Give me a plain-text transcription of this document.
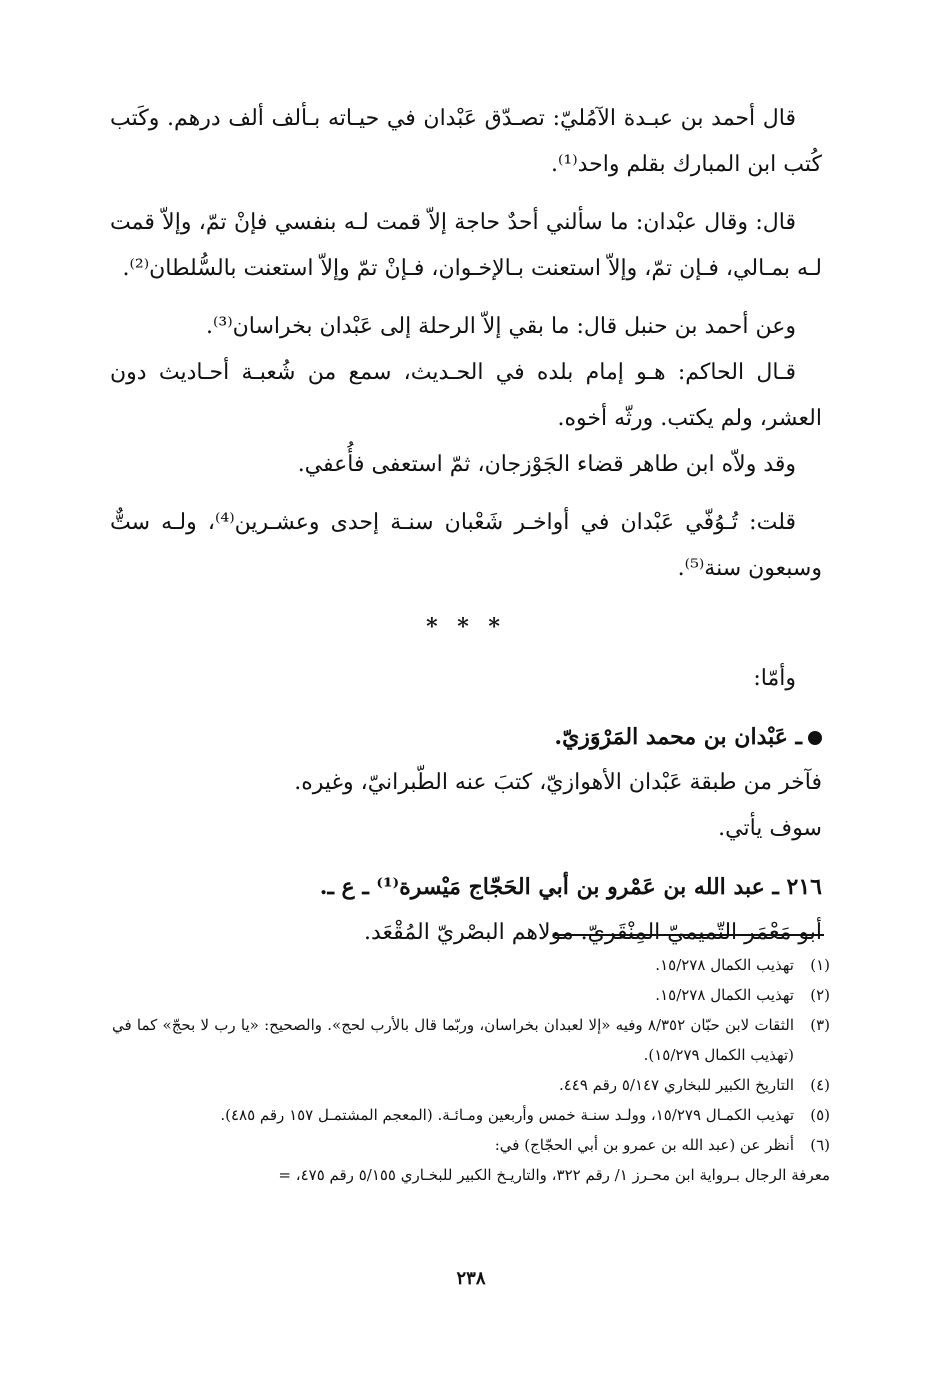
قال أحمد بن عبـدة الآمُليّ: تصـدّق عَبْدان في حيـاته بـألف ألف درهم. وكَتب كُتب ابن المبارك بقلم واحد⁽¹⁾.

قال: وقال عبْدان: ما سألني أحدٌ حاجة إلاّ قمت لـه بنفسي فإنْ تمّ، وإلاّ قمت لـه بمـالي، فـإن تمّ، وإلاّ استعنت بـالإخـوان، فـإنْ تمّ وإلاّ استعنت بالسُّلطان⁽²⁾.

وعن أحمد بن حنبل قال: ما بقي إلاّ الرحلة إلى عَبْدان بخراسان⁽³⁾.

قـال الحاكم: هـو إمام بلده في الحـديث، سمع من شُعبـة أحـاديث دون العشر، ولم يكتب. ورثّه أخوه.

وقد ولاّه ابن طاهر قضاء الجَوْزجان، ثمّ استعفى فأُعفي.

قلت: تُـوُفّي عَبْدان في أواخـر شَعْبان سنـة إحدى وعشـرين⁽⁴⁾، ولـه ستٌّ وسبعون سنة⁽⁵⁾.

* * *

وأمّا:

ـ عَبْدان بن محمد المَرْوَزيّ.

فآخر من طبقة عَبْدان الأهوازيّ، كتبَ عنه الطّبرانيّ، وغيره.

سوف يأتي.

٢١٦ ـ عبد الله بن عَمْرو بن أبي الحَجّاج مَيْسرة⁽¹⁾ ـ ع ـ.

أبو مَعْمَر التّميميّ المِنْقَريّ. مولاهم البصْريّ المُقْعَد.

(١)
تهذيب الكمال ١٥/٢٧٨.
(٢)
تهذيب الكمال ١٥/٢٧٨.
(٣)
الثقات لابن حبّان ٨/٣٥٢ وفيه «إلا لعبدان بخراسان، وربّما قال بالأرب لحج». والصحيح: «يا رب لا بحجّ» كما في (تهذيب الكمال ١٥/٢٧٩).
(٤)
التاريخ الكبير للبخاري ٥/١٤٧ رقم ٤٤٩.
(٥)
تهذيب الكمـال ١٥/٢٧٩، وولـد سنـة خمس وأربعين ومـائـة. (المعجم المشتمـل ١٥٧ رقم ٤٨٥).
(٦)
أنظر عن (عبد الله بن عمرو بن أبي الحجّاج) في:
معرفة الرجال بـرواية ابن محـرز ١/ رقم ٣٢٢، والتاريـخ الكبير للبخـاري ٥/١٥٥ رقم ٤٧٥، =
٢٣٨
